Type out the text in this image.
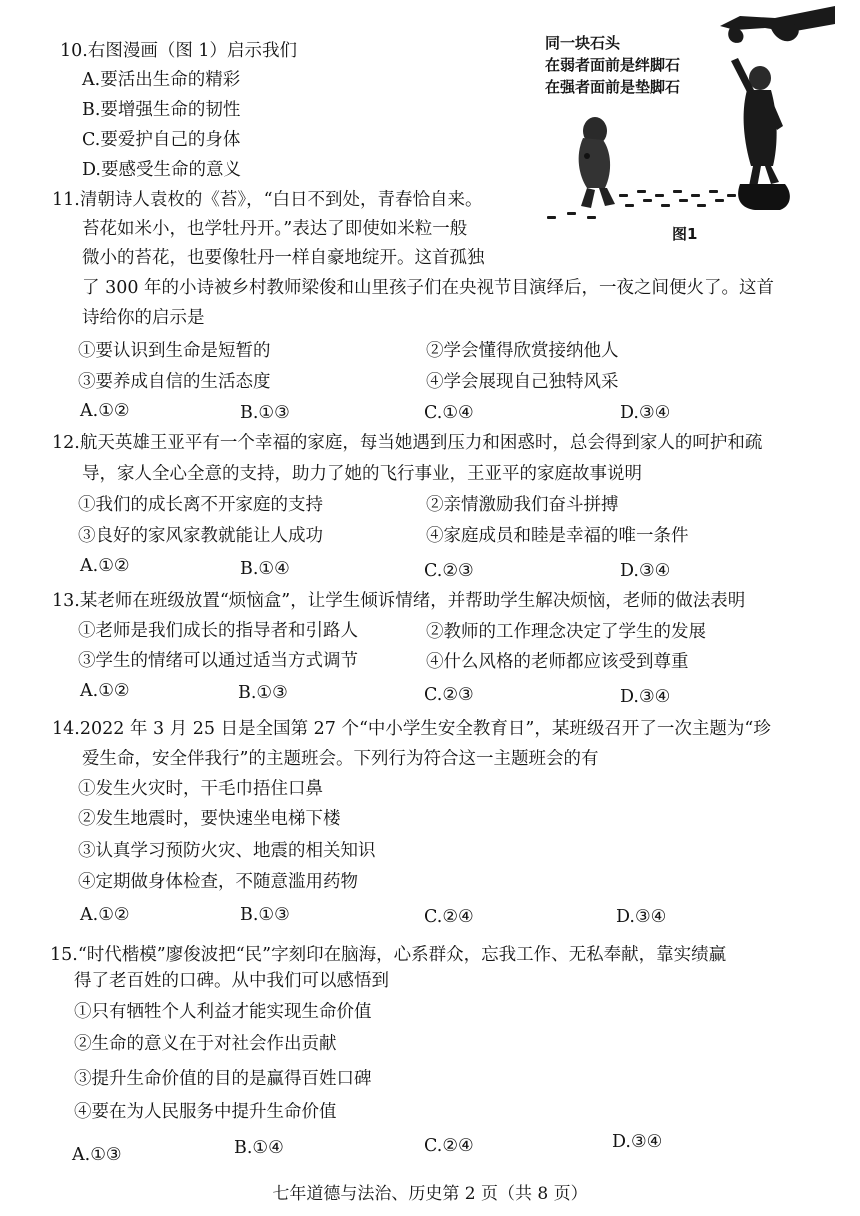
10.右图漫画（图 1）启示我们
A.要活出生命的精彩
B.要增强生命的韧性
C.要爱护自己的身体
D.要感受生命的意义
同一块石头
在弱者面前是绊脚石
在强者面前是垫脚石
图1
11.清朝诗人袁枚的《苔》，“白日不到处，青春恰自来。
苔花如米小，也学牡丹开。”表达了即使如米粒一般
微小的苔花，也要像牡丹一样自豪地绽开。这首孤独
了 300 年的小诗被乡村教师梁俊和山里孩子们在央视节目演绎后，一夜之间便火了。这首
诗给你的启示是
①要认识到生命是短暂的	②学会懂得欣赏接纳他人
③要养成自信的生活态度	④学会展现自己独特风采
A.①②	B.①③	C.①④	D.③④
12.航天英雄王亚平有一个幸福的家庭，每当她遇到压力和困惑时，总会得到家人的呵护和疏
导，家人全心全意的支持，助力了她的飞行事业，王亚平的家庭故事说明
①我们的成长离不开家庭的支持	②亲情激励我们奋斗拼搏
③良好的家风家教就能让人成功	④家庭成员和睦是幸福的唯一条件
A.①②	B.①④	C.②③	D.③④
13.某老师在班级放置“烦恼盒”，让学生倾诉情绪，并帮助学生解决烦恼，老师的做法表明
①老师是我们成长的指导者和引路人	②教师的工作理念决定了学生的发展
③学生的情绪可以通过适当方式调节	④什么风格的老师都应该受到尊重
A.①②	B.①③	C.②③	D.③④
14.2022 年 3 月 25 日是全国第 27 个“中小学生安全教育日”，某班级召开了一次主题为“珍
爱生命，安全伴我行”的主题班会。下列行为符合这一主题班会的有
①发生火灾时，干毛巾捂住口鼻
②发生地震时，要快速坐电梯下楼
③认真学习预防火灾、地震的相关知识
④定期做身体检查，不随意滥用药物
A.①②	B.①③	C.②④	D.③④
15.“时代楷模”廖俊波把“民”字刻印在脑海，心系群众，忘我工作、无私奉献，靠实绩赢
得了老百姓的口碑。从中我们可以感悟到
①只有牺牲个人利益才能实现生命价值
②生命的意义在于对社会作出贡献
③提升生命价值的目的是赢得百姓口碑
④要在为人民服务中提升生命价值
A.①③	B.①④	C.②④	D.③④
七年道德与法治、历史第 2 页（共 8 页）
